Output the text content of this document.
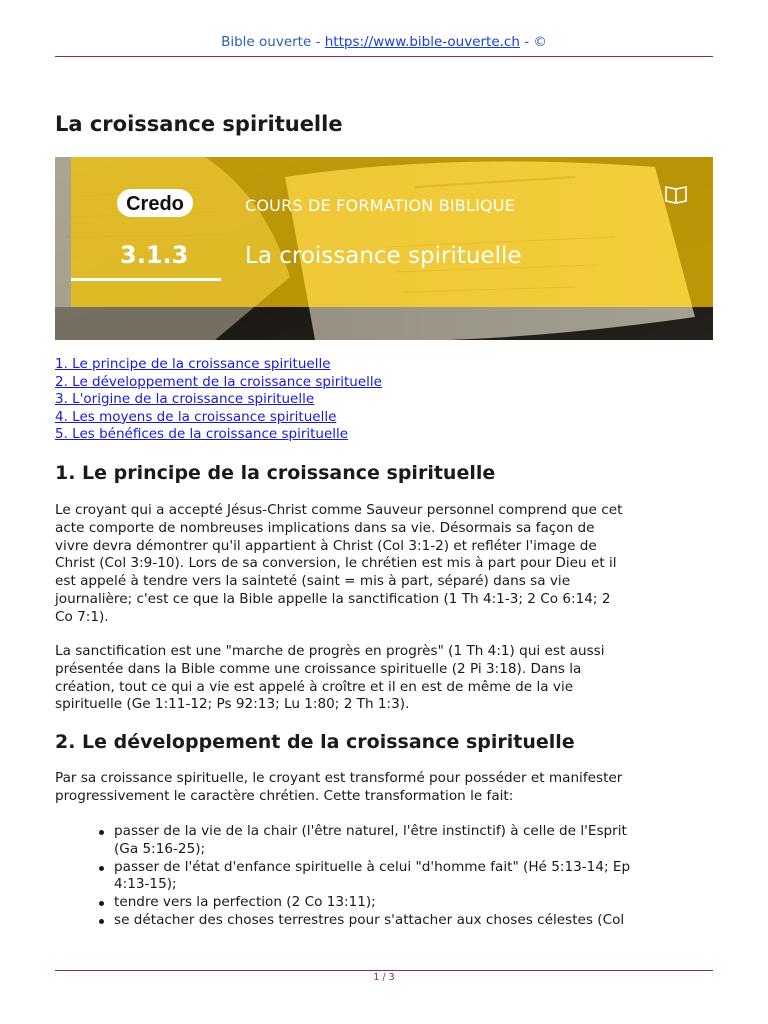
Bible ouverte - https://www.bible-ouverte.ch - ©
La croissance spirituelle
Credo	COURS DE FORMATION BIBLIQUE
3.1.3 La croissance spirituelle
1. Le principe de la croissance spirituelle
2. Le développement de la croissance spirituelle
3. L'origine de la croissance spirituelle
4. Les moyens de la croissance spirituelle
5. Les bénéfices de la croissance spirituelle
1. Le principe de la croissance spirituelle

Le croyant qui a accepté Jésus-Christ comme Sauveur personnel comprend que cet
acte comporte de nombreuses implications dans sa vie. Désormais sa façon de
vivre devra démontrer qu'il appartient à Christ (Col 3:1-2) et refléter l'image de
Christ (Col 3:9-10). Lors de sa conversion, le chrétien est mis à part pour Dieu et il
est appelé à tendre vers la sainteté (saint = mis à part, séparé) dans sa vie
journalière; c'est ce que la Bible appelle la sanctification (1 Th 4:1-3; 2 Co 6:14; 2
Co 7:1).

La sanctification est une "marche de progrès en progrès" (1 Th 4:1) qui est aussi
présentée dans la Bible comme une croissance spirituelle (2 Pi 3:18). Dans la
création, tout ce qui a vie est appelé à croître et il en est de même de la vie
spirituelle (Ge 1:11-12; Ps 92:13; Lu 1:80; 2 Th 1:3).

2. Le développement de la croissance spirituelle

Par sa croissance spirituelle, le croyant est transformé pour posséder et manifester
progressivement le caractère chrétien. Cette transformation le fait:

passer de la vie de la chair (l'être naturel, l'être instinctif) à celle de l'Esprit
(Ga 5:16-25);
passer de l'état d'enfance spirituelle à celui "d'homme fait" (Hé 5:13-14; Ep
4:13-15);
tendre vers la perfection (2 Co 13:11);
se détacher des choses terrestres pour s'attacher aux choses célestes (Col
1 / 3
